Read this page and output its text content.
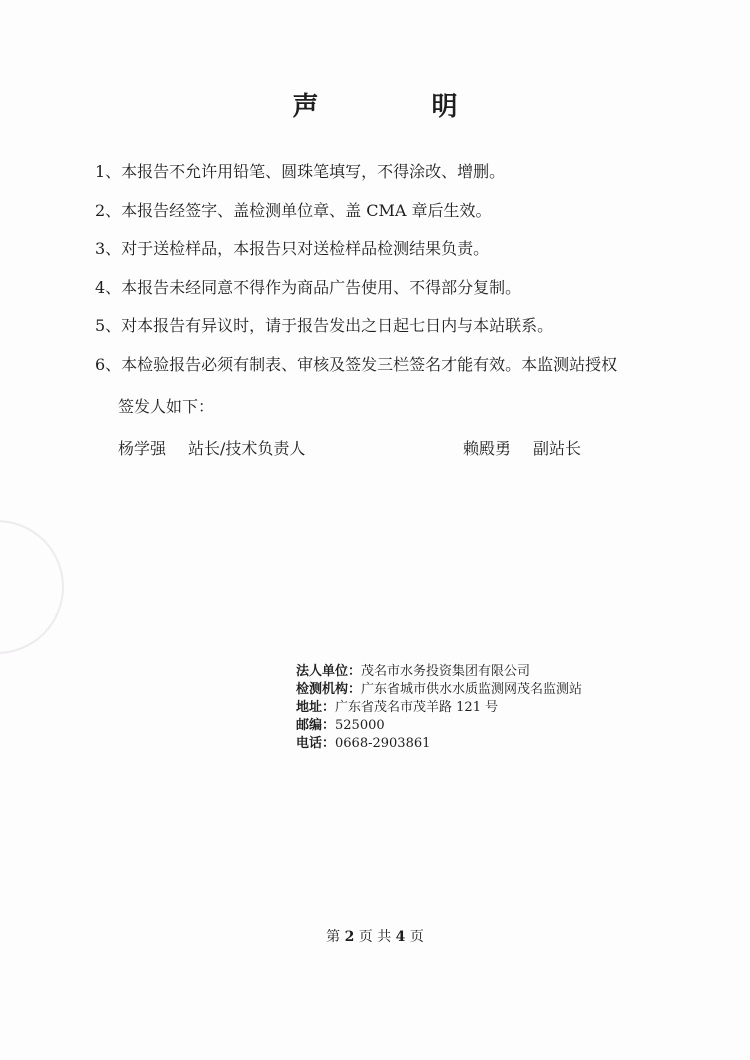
声 明
1、本报告不允许用铅笔、圆珠笔填写，不得涂改、增删。
2、本报告经签字、盖检测单位章、盖 CMA 章后生效。
3、对于送检样品，本报告只对送检样品检测结果负责。
4、本报告未经同意不得作为商品广告使用、不得部分复制。
5、对本报告有异议时，请于报告发出之日起七日内与本站联系。
6、本检验报告必须有制表、审核及签发三栏签名才能有效。本监测站授权
签发人如下：
杨学强 站长/技术负责人	赖殿勇 副站长
法人单位：茂名市水务投资集团有限公司
检测机构：广东省城市供水水质监测网茂名监测站
地址：广东省茂名市茂羊路 121 号
邮编：525000
电话：0668-2903861
第 2 页 共 4 页
